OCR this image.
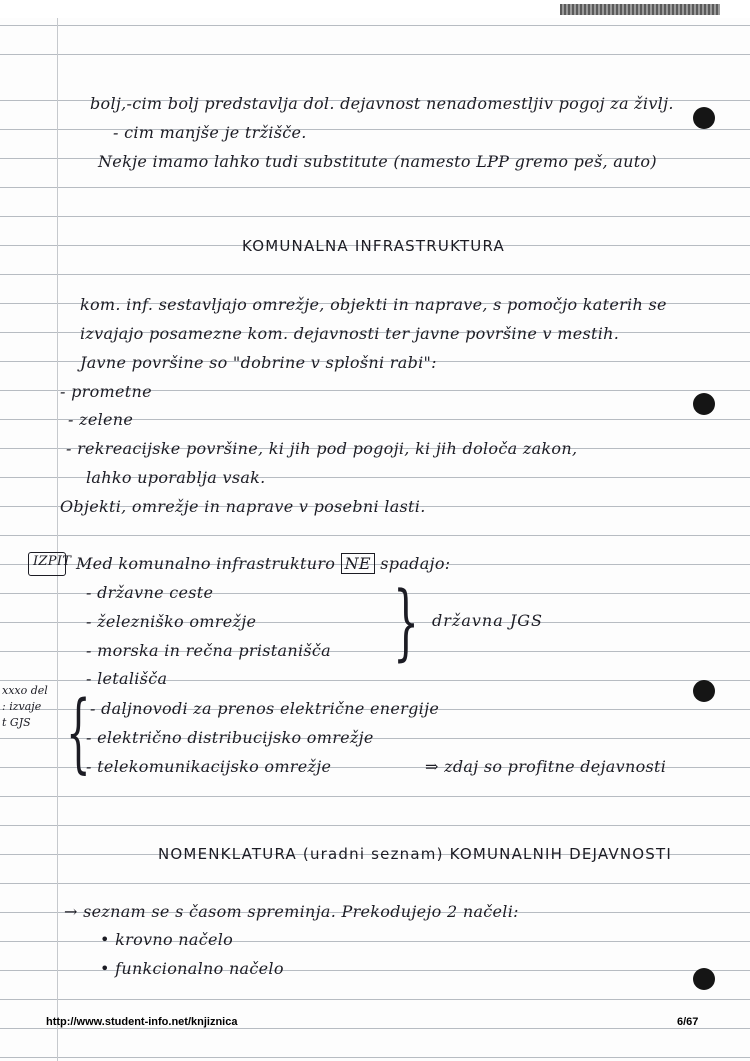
bolj,-cim bolj predstavlja dol. dejavnost nenadomestljiv pogoj za življ.
- cim manjše je tržišče.
Nekje imamo lahko tudi substitute (namesto LPP gremo peš, auto)
KOMUNALNA INFRASTRUKTURA
kom. inf. sestavljajo omrežje, objekti in naprave, s pomočjo katerih se
izvajajo posamezne kom. dejavnosti ter javne površine v mestih.
Javne površine so "dobrine v splošni rabi":
- prometne
- zelene
- rekreacijske površine, ki jih pod pogoji, ki jih določa zakon,
lahko uporablja vsak.
Objekti, omrežje in naprave v posebni lasti.
IZPIT Med komunalno infrastrukturo NE spadajo:
- državne ceste
- železniško omrežje
- morska in rečna pristanišča
- letališča
} državna JGS
xxxo del
: izvaje
t GJS { - daljnovodi za prenos električne energije
- električno distribucijsko omrežje
- telekomunikacijsko omrežje	⇒ zdaj so profitne dejavnosti
NOMENKLATURA (uradni seznam) KOMUNALNIH DEJAVNOSTI
→ seznam se s časom spreminja. Prekodujejo 2 načeli:
• krovno načelo
• funkcionalno načelo
http://www.student-info.net/knjiznica	6/67
